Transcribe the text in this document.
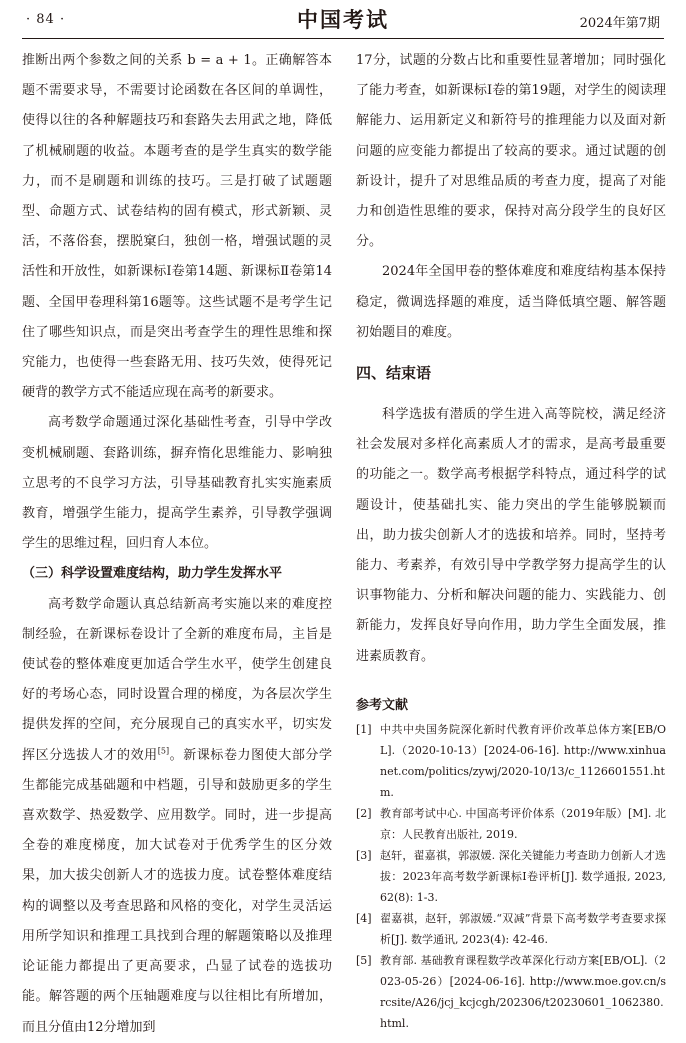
· 84 ·	中国考试	2024年第7期

推断出两个参数之间的关系 b = a + 1。正确解答本题不需要求导，不需要讨论函数在各区间的单调性，使得以往的各种解题技巧和套路失去用武之地，降低了机械刷题的收益。本题考查的是学生真实的数学能力，而不是刷题和训练的技巧。三是打破了试题题型、命题方式、试卷结构的固有模式，形式新颖、灵活，不落俗套，摆脱窠臼，独创一格，增强试题的灵活性和开放性，如新课标Ⅰ卷第14题、新课标Ⅱ卷第14题、全国甲卷理科第16题等。这些试题不是考学生记住了哪些知识点，而是突出考查学生的理性思维和探究能力，也使得一些套路无用、技巧失效，使得死记硬背的教学方式不能适应现在高考的新要求。

高考数学命题通过深化基础性考查，引导中学改变机械刷题、套路训练，摒弃惰化思维能力、影响独立思考的不良学习方法，引导基础教育扎实实施素质教育，增强学生能力，提高学生素养，引导教学强调学生的思维过程，回归育人本位。

（三）科学设置难度结构，助力学生发挥水平

高考数学命题认真总结新高考实施以来的难度控制经验，在新课标卷设计了全新的难度布局，主旨是使试卷的整体难度更加适合学生水平，使学生创建良好的考场心态，同时设置合理的梯度，为各层次学生提供发挥的空间，充分展现自己的真实水平，切实发挥区分选拔人才的效用[5]。新课标卷力图使大部分学生都能完成基础题和中档题，引导和鼓励更多的学生喜欢数学、热爱数学、应用数学。同时，进一步提高全卷的难度梯度，加大试卷对于优秀学生的区分效果，加大拔尖创新人才的选拔力度。试卷整体难度结构的调整以及考查思路和风格的变化，对学生灵活运用所学知识和推理工具找到合理的解题策略以及推理论证能力都提出了更高要求，凸显了试卷的选拔功能。解答题的两个压轴题难度与以往相比有所增加，而且分值由12分增加到

17分，试题的分数占比和重要性显著增加；同时强化了能力考查，如新课标Ⅰ卷的第19题，对学生的阅读理解能力、运用新定义和新符号的推理能力以及面对新问题的应变能力都提出了较高的要求。通过试题的创新设计，提升了对思维品质的考查力度，提高了对能力和创造性思维的要求，保持对高分段学生的良好区分。

2024年全国甲卷的整体难度和难度结构基本保持稳定，微调选择题的难度，适当降低填空题、解答题初始题目的难度。

四、结束语

科学选拔有潜质的学生进入高等院校，满足经济社会发展对多样化高素质人才的需求，是高考最重要的功能之一。数学高考根据学科特点，通过科学的试题设计，使基础扎实、能力突出的学生能够脱颖而出，助力拔尖创新人才的选拔和培养。同时，坚持考能力、考素养，有效引导中学教学努力提高学生的认识事物能力、分析和解决问题的能力、实践能力、创新能力，发挥良好导向作用，助力学生全面发展，推进素质教育。

参考文献
[1] 中共中央国务院深化新时代教育评价改革总体方案[EB/OL].（2020-10-13）[2024-06-16]. http://www.xinhuanet.com/politics/zywj/2020-10/13/c_1126601551.htm.
[2] 教育部考试中心. 中国高考评价体系（2019年版）[M]. 北京：人民教育出版社, 2019.
[3] 赵轩，翟嘉祺，郭淑媛. 深化关键能力考查助力创新人才选拔：2023年高考数学新课标Ⅰ卷评析[J]. 数学通报, 2023, 62(8): 1-3.
[4] 翟嘉祺，赵轩，郭淑媛.“双减”背景下高考数学考查要求探析[J]. 数学通讯, 2023(4): 42-46.
[5] 教育部. 基础教育课程数学改革深化行动方案[EB/OL].（2023-05-26）[2024-06-16]. http://www.moe.gov.cn/srcsite/A26/jcj_kcjcgh/202306/t20230601_1062380.html.
